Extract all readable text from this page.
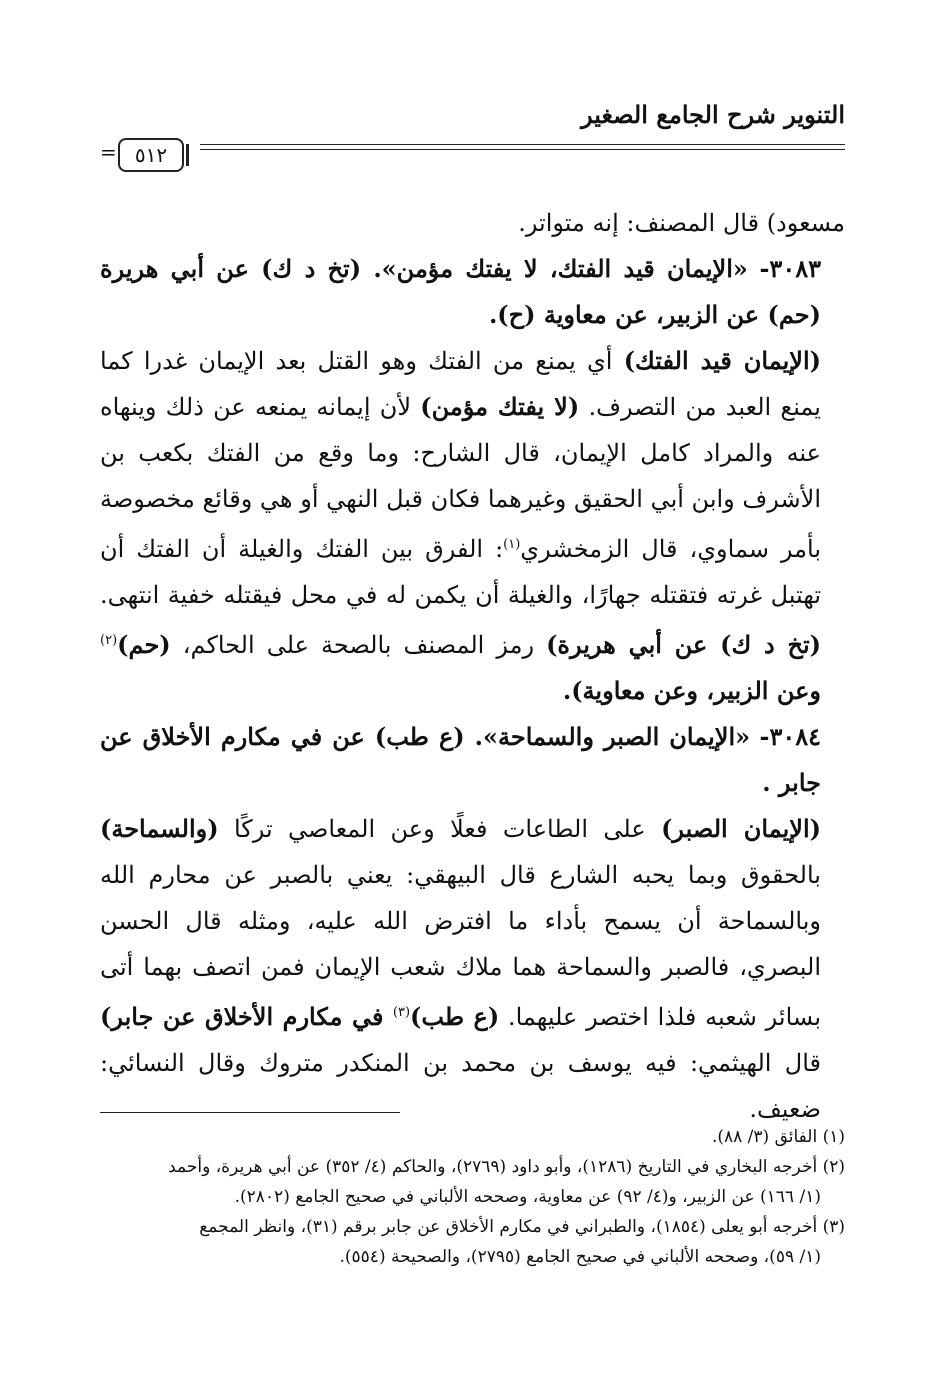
التنوير شرح الجامع الصغير
٥١٢
=

مسعود) قال المصنف: إنه متواتر.

٣٠٨٣- «الإيمان قيد الفتك، لا يفتك مؤمن». (تخ د ك) عن أبي هريرة (حم) عن الزبير، عن معاوية (ح).

(الإيمان قيد الفتك) أي يمنع من الفتك وهو القتل بعد الإيمان غدرا كما يمنع العبد من التصرف. (لا يفتك مؤمن) لأن إيمانه يمنعه عن ذلك وينهاه عنه والمراد كامل الإيمان، قال الشارح: وما وقع من الفتك بكعب بن الأشرف وابن أبي الحقيق وغيرهما فكان قبل النهي أو هي وقائع مخصوصة بأمر سماوي، قال الزمخشري$^{(١)}$: الفرق بين الفتك والغيلة أن الفتك أن تهتبل غرته فتقتله جهارًا، والغيلة أن يكمن له في محل فيقتله خفية انتهى. (تخ د ك) عن أبي هريرة) رمز المصنف بالصحة على الحاكم، (حم)$^{(٢)}$ وعن الزبير، وعن معاوية).

٣٠٨٤- «الإيمان الصبر والسماحة». (ع طب) عن في مكارم الأخلاق عن جابر .

(الإيمان الصبر) على الطاعات فعلًا وعن المعاصي تركًا (والسماحة) بالحقوق وبما يحبه الشارع قال البيهقي: يعني بالصبر عن محارم الله وبالسماحة أن يسمح بأداء ما افترض الله عليه، ومثله قال الحسن البصري، فالصبر والسماحة هما ملاك شعب الإيمان فمن اتصف بهما أتى بسائر شعبه فلذا اختصر عليهما. (ع طب)$^{(٣)}$ في مكارم الأخلاق عن جابر) قال الهيثمي: فيه يوسف بن محمد بن المنكدر متروك وقال النسائي: ضعيف.

(١) الفائق (٣/ ٨٨).

(٢) أخرجه البخاري في التاريخ (١٢٨٦)، وأبو داود (٢٧٦٩)، والحاكم (٤/ ٣٥٢) عن أبي هريرة، وأحمد

(١/ ١٦٦) عن الزبير، و(٤/ ٩٢) عن معاوية، وصححه الألباني في صحيح الجامع (٢٨٠٢).

(٣) أخرجه أبو يعلى (١٨٥٤)، والطبراني في مكارم الأخلاق عن جابر برقم (٣١)، وانظر المجمع

(١/ ٥٩)، وصححه الألباني في صحيح الجامع (٢٧٩٥)، والصحيحة (٥٥٤).
